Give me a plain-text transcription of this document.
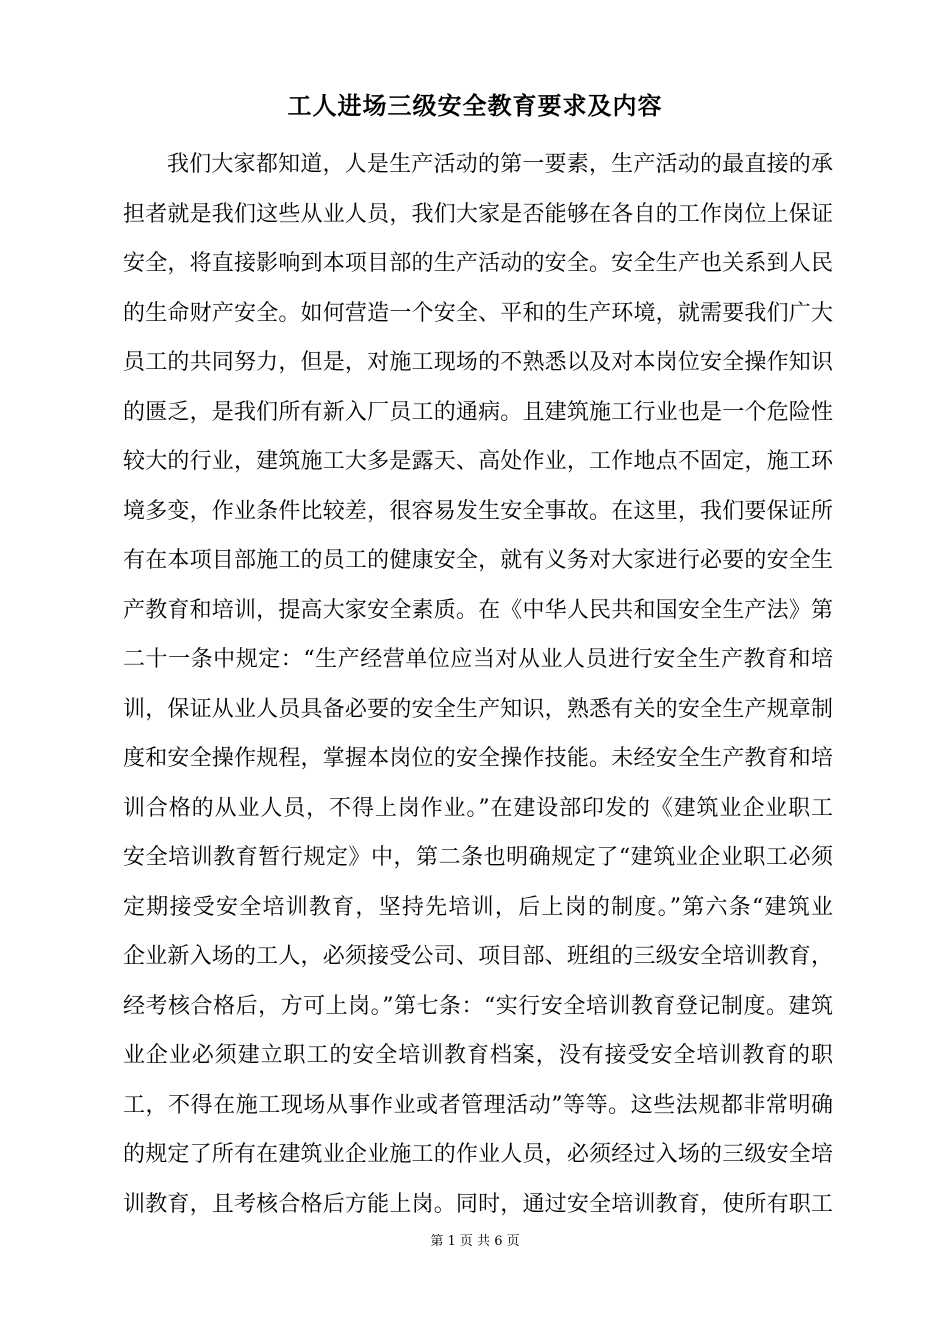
工人进场三级安全教育要求及内容
我们大家都知道，人是生产活动的第一要素，生产活动的最直接的承
担者就是我们这些从业人员，我们大家是否能够在各自的工作岗位上保证
安全，将直接影响到本项目部的生产活动的安全。安全生产也关系到人民
的生命财产安全。如何营造一个安全、平和的生产环境，就需要我们广大
员工的共同努力，但是，对施工现场的不熟悉以及对本岗位安全操作知识
的匮乏，是我们所有新入厂员工的通病。且建筑施工行业也是一个危险性
较大的行业，建筑施工大多是露天、高处作业，工作地点不固定，施工环
境多变，作业条件比较差，很容易发生安全事故。在这里，我们要保证所
有在本项目部施工的员工的健康安全，就有义务对大家进行必要的安全生
产教育和培训，提高大家安全素质。在《中华人民共和国安全生产法》第
二十一条中规定：“生产经营单位应当对从业人员进行安全生产教育和培
训，保证从业人员具备必要的安全生产知识，熟悉有关的安全生产规章制
度和安全操作规程，掌握本岗位的安全操作技能。未经安全生产教育和培
训合格的从业人员，不得上岗作业。”在建设部印发的《建筑业企业职工
安全培训教育暂行规定》中，第二条也明确规定了“建筑业企业职工必须
定期接受安全培训教育，坚持先培训，后上岗的制度。”第六条“建筑业
企业新入场的工人，必须接受公司、项目部、班组的三级安全培训教育，
经考核合格后，方可上岗。”第七条：“实行安全培训教育登记制度。建筑
业企业必须建立职工的安全培训教育档案，没有接受安全培训教育的职
工，不得在施工现场从事作业或者管理活动”等等。这些法规都非常明确
的规定了所有在建筑业企业施工的作业人员，必须经过入场的三级安全培
训教育，且考核合格后方能上岗。同时，通过安全培训教育，使所有职工
第 1 页 共 6 页
